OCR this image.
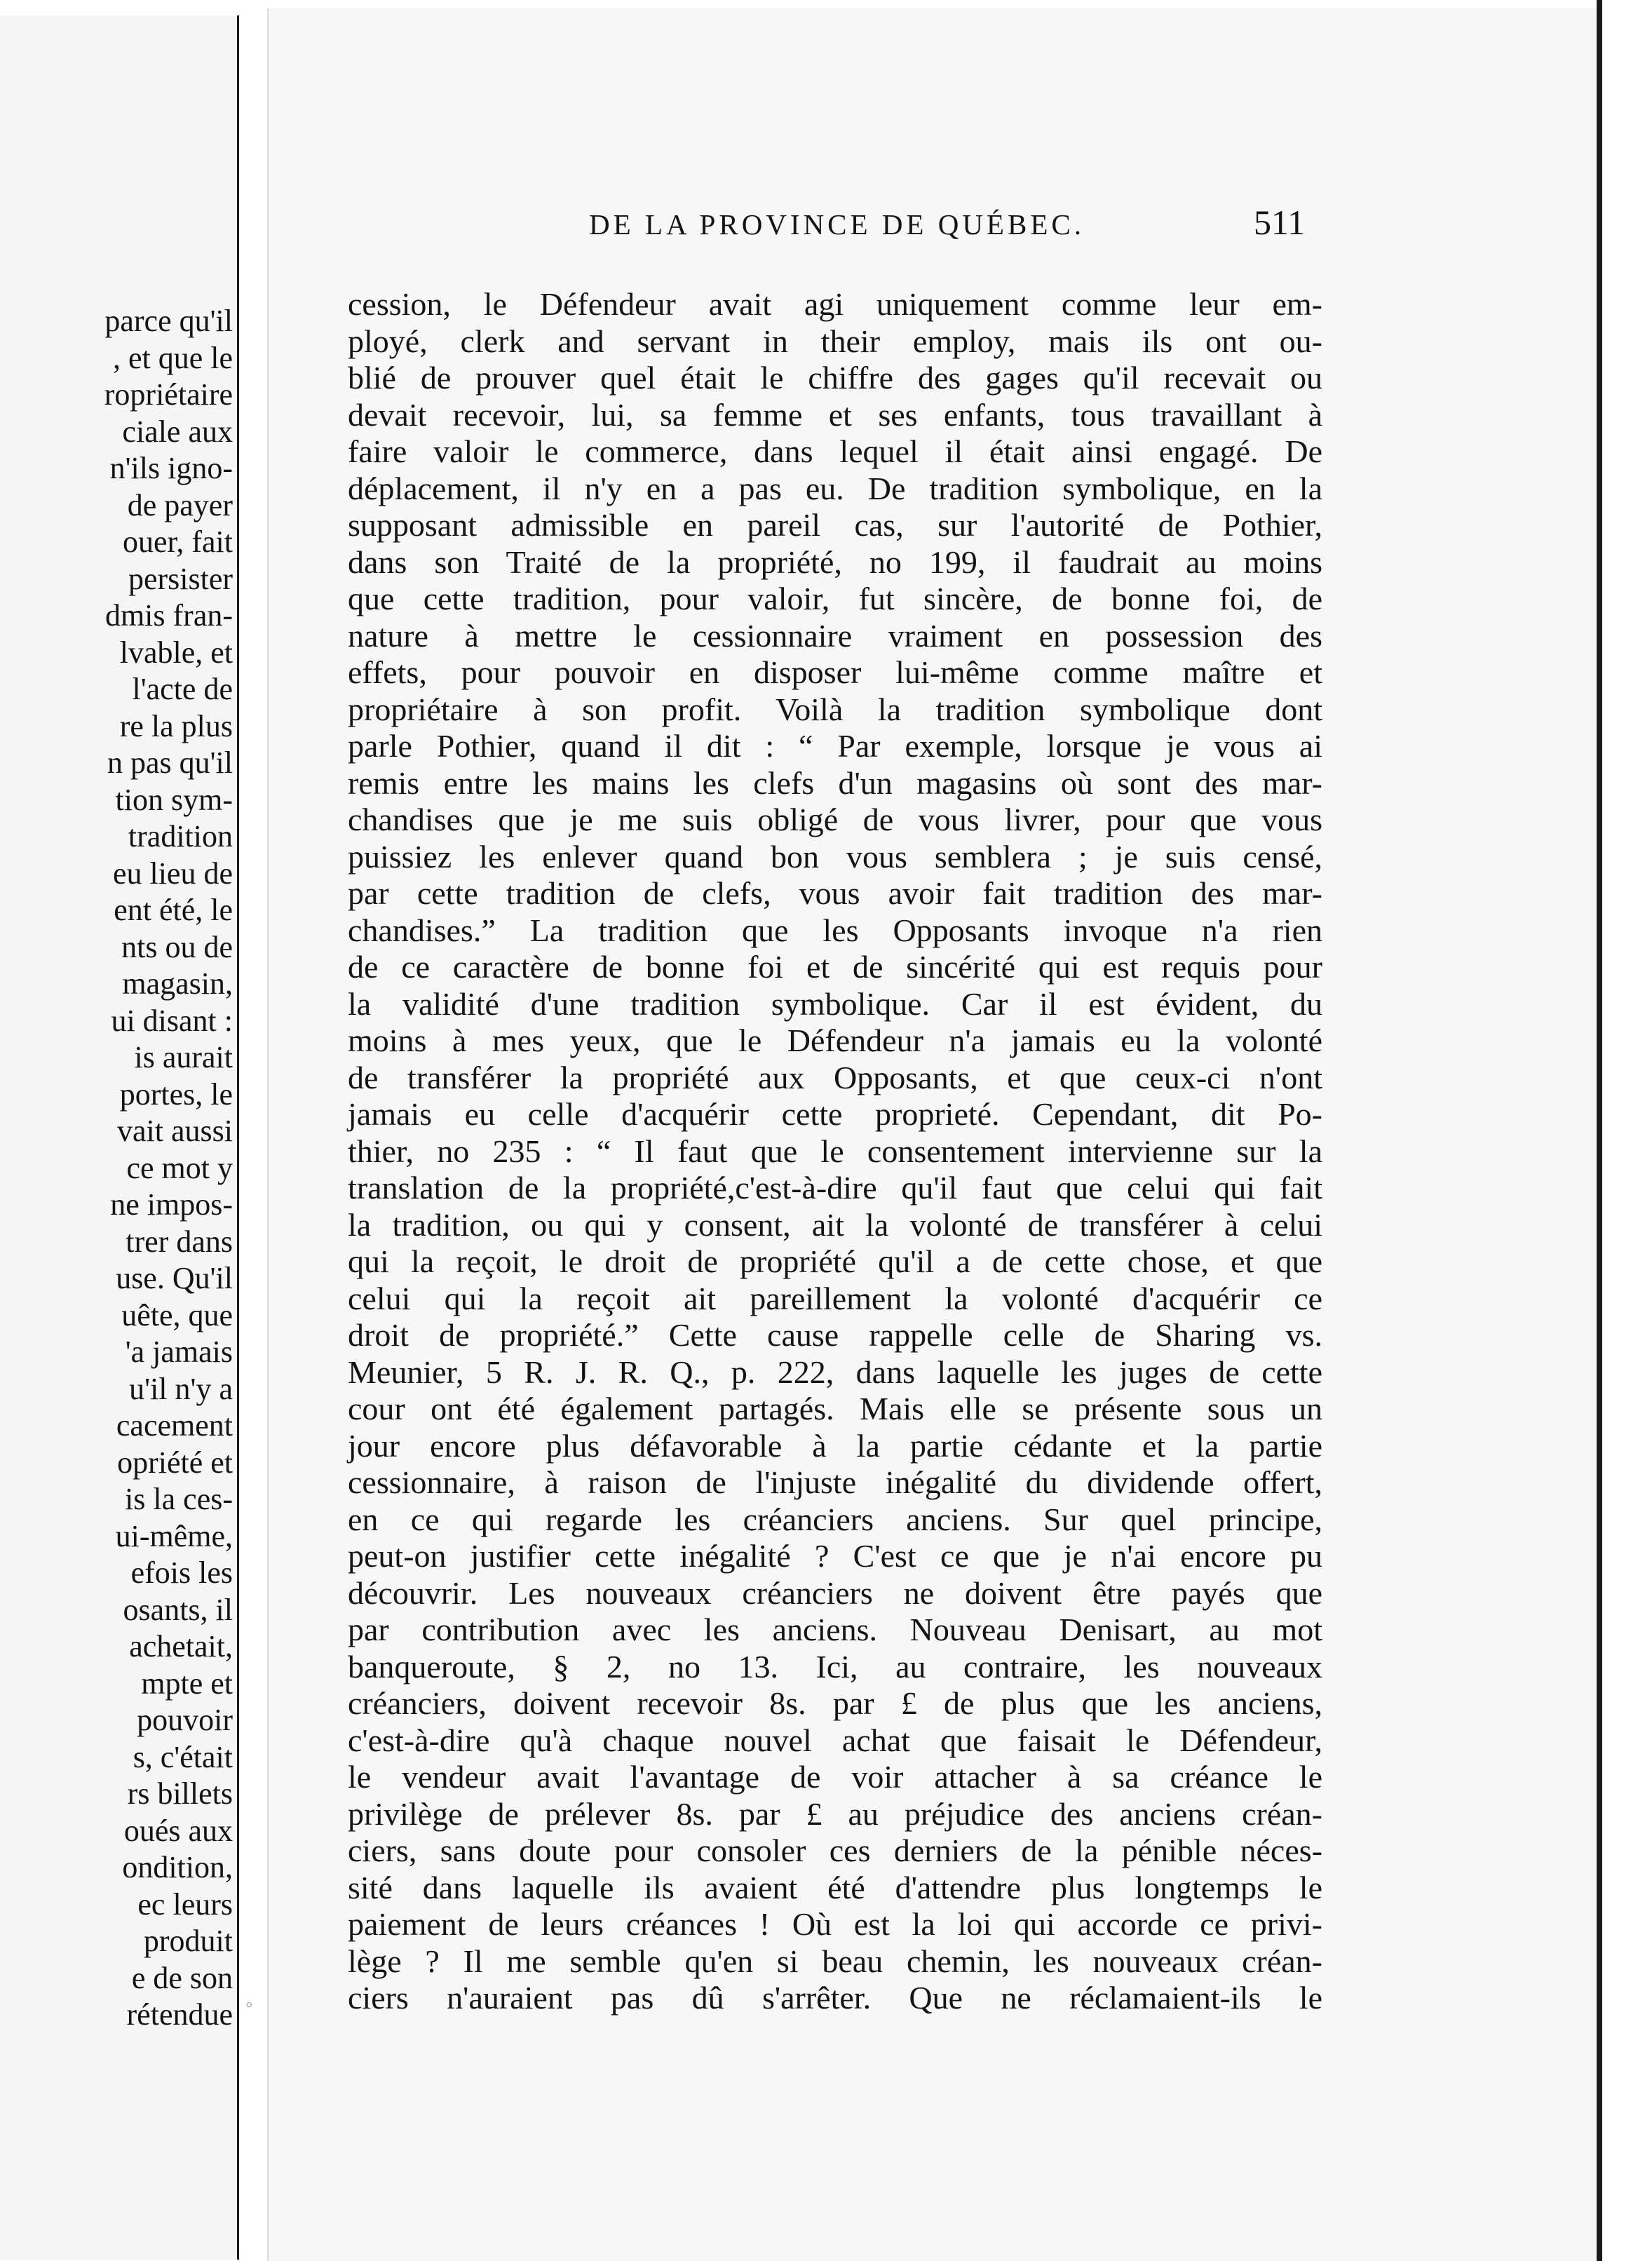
parce qu'il
, et que le
ropriétaire
ciale aux
n'ils igno-
de payer
ouer, fait
persister
dmis fran-
lvable, et
l'acte de
re la plus
n pas qu'il
tion sym-
tradition
eu lieu de
ent été, le
nts ou de
magasin,
ui disant :
is aurait
portes, le
vait aussi
ce mot y
ne impos-
trer dans
use. Qu'il
uête, que
'a jamais
u'il n'y a
cacement
opriété et
is la ces-
ui-même,
efois les
osants, il
achetait,
mpte et
pouvoir
s, c'était
rs billets
oués aux
ondition,
ec leurs
produit
e de son
rétendue
DE LA PROVINCE DE QUÉBEC.	511
cession, le Défendeur avait agi uniquement comme leur em-
ployé, clerk and servant in their employ, mais ils ont ou-
blié de prouver quel était le chiffre des gages qu'il recevait ou
devait recevoir, lui, sa femme et ses enfants, tous travaillant à
faire valoir le commerce, dans lequel il était ainsi engagé. De
déplacement, il n'y en a pas eu. De tradition symbolique, en la
supposant admissible en pareil cas, sur l'autorité de Pothier,
dans son Traité de la propriété, no 199, il faudrait au moins
que cette tradition, pour valoir, fut sincère, de bonne foi, de
nature à mettre le cessionnaire vraiment en possession des
effets, pour pouvoir en disposer lui-même comme maître et
propriétaire à son profit. Voilà la tradition symbolique dont
parle Pothier, quand il dit : “ Par exemple, lorsque je vous ai
remis entre les mains les clefs d'un magasins où sont des mar-
chandises que je me suis obligé de vous livrer, pour que vous
puissiez les enlever quand bon vous semblera ; je suis censé,
par cette tradition de clefs, vous avoir fait tradition des mar-
chandises.” La tradition que les Opposants invoque n'a rien
de ce caractère de bonne foi et de sincérité qui est requis pour
la validité d'une tradition symbolique. Car il est évident, du
moins à mes yeux, que le Défendeur n'a jamais eu la volonté
de transférer la propriété aux Opposants, et que ceux-ci n'ont
jamais eu celle d'acquérir cette proprieté. Cependant, dit Po-
thier, no 235 : “ Il faut que le consentement intervienne sur la
translation de la propriété,c'est-à-dire qu'il faut que celui qui fait
la tradition, ou qui y consent, ait la volonté de transférer à celui
qui la reçoit, le droit de propriété qu'il a de cette chose, et que
celui qui la reçoit ait pareillement la volonté d'acquérir ce
droit de propriété.” Cette cause rappelle celle de Sharing vs.
Meunier, 5 R. J. R. Q., p. 222, dans laquelle les juges de cette
cour ont été également partagés. Mais elle se présente sous un
jour encore plus défavorable à la partie cédante et la partie
cessionnaire, à raison de l'injuste inégalité du dividende offert,
en ce qui regarde les créanciers anciens. Sur quel principe,
peut-on justifier cette inégalité ? C'est ce que je n'ai encore pu
découvrir. Les nouveaux créanciers ne doivent être payés que
par contribution avec les anciens. Nouveau Denisart, au mot
banqueroute, § 2, no 13. Ici, au contraire, les nouveaux
créanciers, doivent recevoir 8s. par £ de plus que les anciens,
c'est-à-dire qu'à chaque nouvel achat que faisait le Défendeur,
le vendeur avait l'avantage de voir attacher à sa créance le
privilège de prélever 8s. par £ au préjudice des anciens créan-
ciers, sans doute pour consoler ces derniers de la pénible néces-
sité dans laquelle ils avaient été d'attendre plus longtemps le
paiement de leurs créances ! Où est la loi qui accorde ce privi-
lège ? Il me semble qu'en si beau chemin, les nouveaux créan-
ciers n'auraient pas dû s'arrêter. Que ne réclamaient-ils le
◦
